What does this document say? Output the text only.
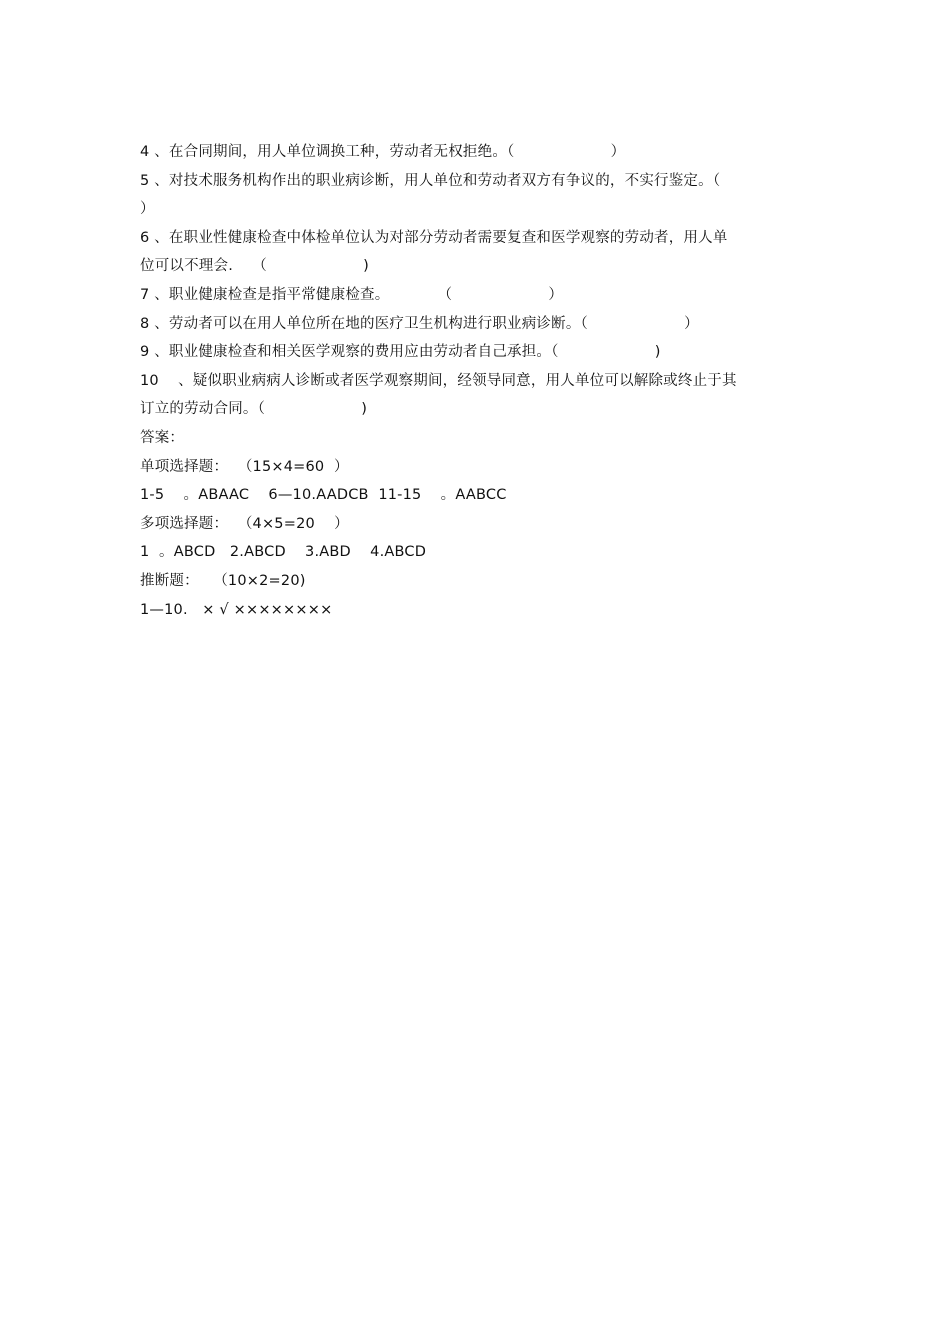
4 、在合同期间，用人单位调换工种，劳动者无权拒绝。（                    ）
5 、对技术服务机构作出的职业病诊断，用人单位和劳动者双方有争议的，不实行鉴定。（
）
6 、在职业性健康检查中体检单位认为对部分劳动者需要复查和医学观察的劳动者，用人单
位可以不理会.    （                    )
7 、职业健康检查是指平常健康检查。          （                    ）
8 、劳动者可以在用人单位所在地的医疗卫生机构进行职业病诊断。（                    ）
9 、职业健康检查和相关医学观察的费用应由劳动者自己承担。（                    )
10    、疑似职业病病人诊断或者医学观察期间，经领导同意，用人单位可以解除或终止于其
订立的劳动合同。（                    )
答案：
单项选择题：  （15×4=60  ）
1-5    。ABAAC    6—10.AADCB  11-15    。AABCC
多项选择题：  （4×5=20    ）
1  。ABCD   2.ABCD    3.ABD    4.ABCD
推断题：   （10×2=20)
1—10.   × √ ××××××××
